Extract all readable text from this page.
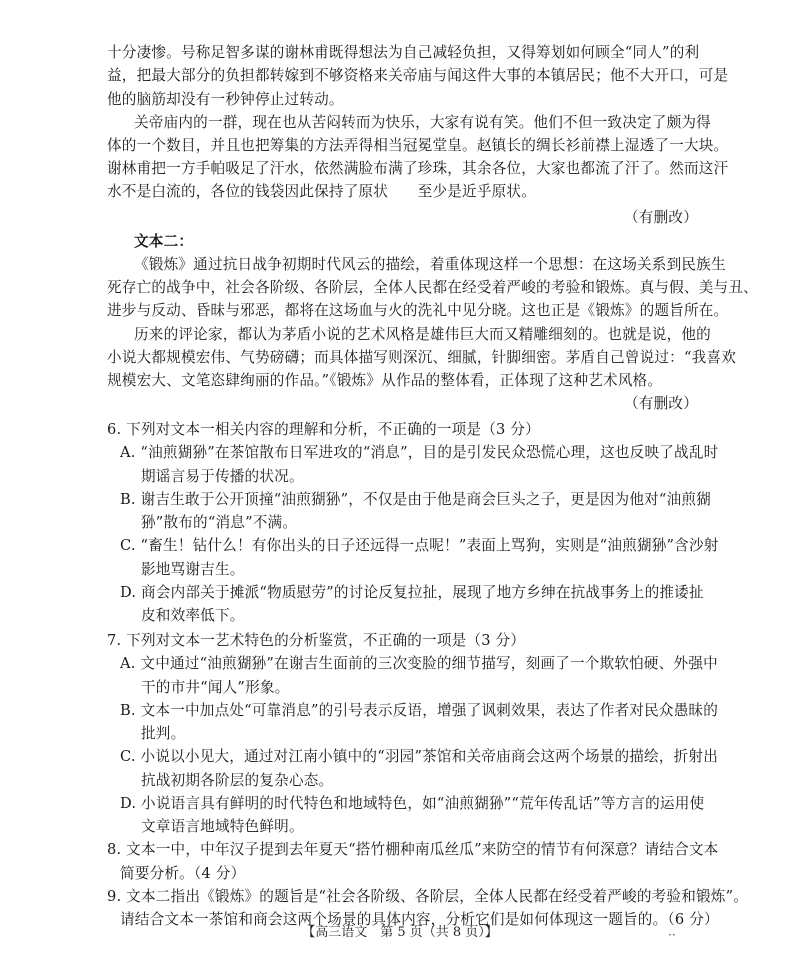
十分凄惨。号称足智多谋的谢林甫既得想法为自己减轻负担，又得筹划如何顾全“同人”的利
益，把最大部分的负担都转嫁到不够资格来关帝庙与闻这件大事的本镇居民；他不大开口，可是
他的脑筋却没有一秒钟停止过转动。
关帝庙内的一群，现在也从苦闷转而为快乐，大家有说有笑。他们不但一致决定了颇为得
体的一个数目，并且也把筹集的方法弄得相当冠冕堂皇。赵镇长的绸长衫前襟上湿透了一大块。
谢林甫把一方手帕吸足了汗水，依然满脸布满了珍珠，其余各位，大家也都流了汗了。然而这汗
水不是白流的，各位的钱袋因此保持了原状　　至少是近乎原状。
（有删改）
文本二：
《锻炼》通过抗日战争初期时代风云的描绘，着重体现这样一个思想：在这场关系到民族生
死存亡的战争中，社会各阶级、各阶层，全体人民都在经受着严峻的考验和锻炼。真与假、美与丑、
进步与反动、昏昧与邪恶，都将在这场血与火的洗礼中见分晓。这也正是《锻炼》的题旨所在。
历来的评论家，都认为茅盾小说的艺术风格是雄伟巨大而又精雕细刻的。也就是说，他的
小说大都规模宏伟、气势磅礴；而具体描写则深沉、细腻，针脚细密。茅盾自己曾说过：“我喜欢
规模宏大、文笔恣肆绚丽的作品。”《锻炼》从作品的整体看，正体现了这种艺术风格。
（有删改）
6. 下列对文本一相关内容的理解和分析，不正确的一项是（3 分）
A. “油煎猢狲”在茶馆散布日军进攻的“消息”，目的是引发民众恐慌心理，这也反映了战乱时
期谣言易于传播的状况。
B. 谢吉生敢于公开顶撞“油煎猢狲”，不仅是由于他是商会巨头之子，更是因为他对“油煎猢
狲”散布的“消息”不满。
C. “畜生！钻什么！有你出头的日子还远得一点呢！”表面上骂狗，实则是“油煎猢狲”含沙射
影地骂谢吉生。
D. 商会内部关于摊派“物质慰劳”的讨论反复拉扯，展现了地方乡绅在抗战事务上的推诿扯
皮和效率低下。
7. 下列对文本一艺术特色的分析鉴赏，不正确的一项是（3 分）
A. 文中通过“油煎猢狲”在谢吉生面前的三次变脸的细节描写，刻画了一个欺软怕硬、外强中
干的市井“闻人”形象。
B. 文本一中加点处“可靠消息”的引号表示反语，增强了讽刺效果，表达了作者对民众愚昧的
批判。
C. 小说以小见大，通过对江南小镇中的“羽园”茶馆和关帝庙商会这两个场景的描绘，折射出
抗战初期各阶层的复杂心态。
D. 小说语言具有鲜明的时代特色和地域特色，如“油煎猢狲”“荒年传乱话”等方言的运用使
文章语言地域特色鲜明。
8. 文本一中，中年汉子提到去年夏天“搭竹棚种南瓜丝瓜”来防空的情节有何深意？请结合文本
简要分析。（4 分）
9. 文本二指出《锻炼》的题旨是“社会各阶级、各阶层，全体人民都在经受着严峻的考验和锻炼”。
请结合文本一茶馆和商会这两个场景的具体内容，分析它们是如何体现这一题旨的。（6 分）
【高三语文　第 5 页（共 8 页）】	··
